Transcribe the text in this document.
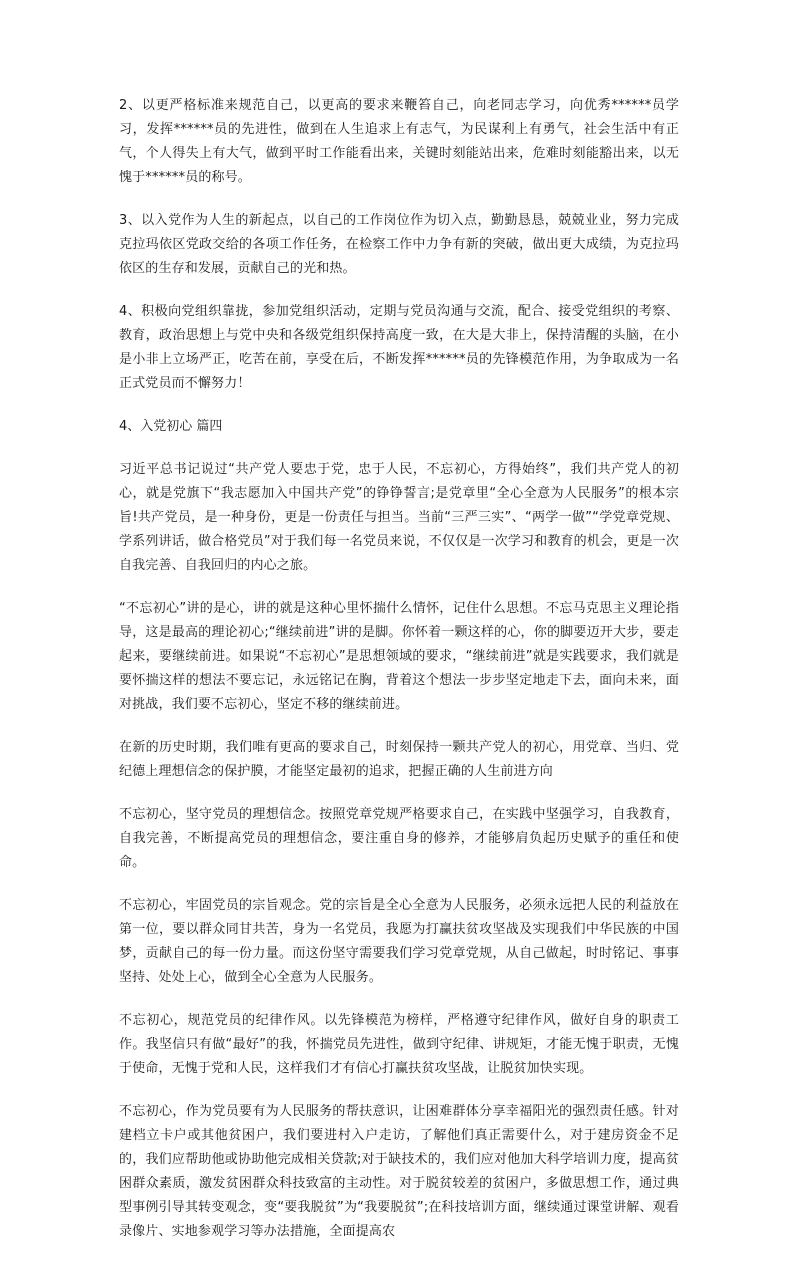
2、以更严格标准来规范自己，以更高的要求来鞭笞自己，向老同志学习，向优秀******员学习，发挥******员的先进性，做到在人生追求上有志气，为民谋利上有勇气，社会生活中有正气，个人得失上有大气，做到平时工作能看出来，关键时刻能站出来，危难时刻能豁出来，以无愧于******员的称号。

3、以入党作为人生的新起点，以自己的工作岗位作为切入点，勤勤恳恳，兢兢业业，努力完成克拉玛依区党政交给的各项工作任务，在检察工作中力争有新的突破，做出更大成绩，为克拉玛依区的生存和发展，贡献自己的光和热。

4、积极向党组织靠拢，参加党组织活动，定期与党员沟通与交流，配合、接受党组织的考察、教育，政治思想上与党中央和各级党组织保持高度一致，在大是大非上，保持清醒的头脑，在小是小非上立场严正，吃苦在前，享受在后，不断发挥******员的先锋模范作用，为争取成为一名正式党员而不懈努力！

4、入党初心 篇四

习近平总书记说过“共产党人要忠于党，忠于人民，不忘初心，方得始终”，我们共产党人的初心，就是党旗下“我志愿加入中国共产党”的铮铮誓言;是党章里“全心全意为人民服务”的根本宗旨!共产党员，是一种身份，更是一份责任与担当。当前“三严三实”、“两学一做”“学党章党规、学系列讲话，做合格党员”对于我们每一名党员来说，不仅仅是一次学习和教育的机会，更是一次自我完善、自我回归的内心之旅。

“不忘初心”讲的是心，讲的就是这种心里怀揣什么情怀，记住什么思想。不忘马克思主义理论指导，这是最高的理论初心;“继续前进”讲的是脚。你怀着一颗这样的心，你的脚要迈开大步，要走起来，要继续前进。如果说“不忘初心”是思想领域的要求，“继续前进”就是实践要求，我们就是要怀揣这样的想法不要忘记，永远铭记在胸，背着这个想法一步步坚定地走下去，面向未来，面对挑战，我们要不忘初心，坚定不移的继续前进。

在新的历史时期，我们唯有更高的要求自己，时刻保持一颗共产党人的初心，用党章、当归、党纪德上理想信念的保护膜，才能坚定最初的追求，把握正确的人生前进方向

不忘初心，坚守党员的理想信念。按照党章党规严格要求自己，在实践中坚强学习，自我教育，自我完善，不断提高党员的理想信念，要注重自身的修养，才能够肩负起历史赋予的重任和使命。

不忘初心，牢固党员的宗旨观念。党的宗旨是全心全意为人民服务，必须永远把人民的利益放在第一位，要以群众同甘共苦，身为一名党员，我愿为打赢扶贫攻坚战及实现我们中华民族的中国梦，贡献自己的每一份力量。而这份坚守需要我们学习党章党规，从自己做起，时时铭记、事事坚持、处处上心，做到全心全意为人民服务。

不忘初心，规范党员的纪律作风。以先锋模范为榜样，严格遵守纪律作风，做好自身的职责工作。我坚信只有做“最好”的我，怀揣党员先进性，做到守纪律、讲规矩，才能无愧于职责，无愧于使命，无愧于党和人民，这样我们才有信心打赢扶贫攻坚战，让脱贫加快实现。

不忘初心，作为党员要有为人民服务的帮扶意识，让困难群体分享幸福阳光的强烈责任感。针对建档立卡户或其他贫困户，我们要进村入户走访，了解他们真正需要什么，对于建房资金不足的，我们应帮助他或协助他完成相关贷款;对于缺技术的，我们应对他加大科学培训力度，提高贫困群众素质，激发贫困群众科技致富的主动性。对于脱贫较差的贫困户，多做思想工作，通过典型事例引导其转变观念，变“要我脱贫”为“我要脱贫”;在科技培训方面，继续通过课堂讲解、观看录像片、实地参观学习等办法措施，全面提高农
